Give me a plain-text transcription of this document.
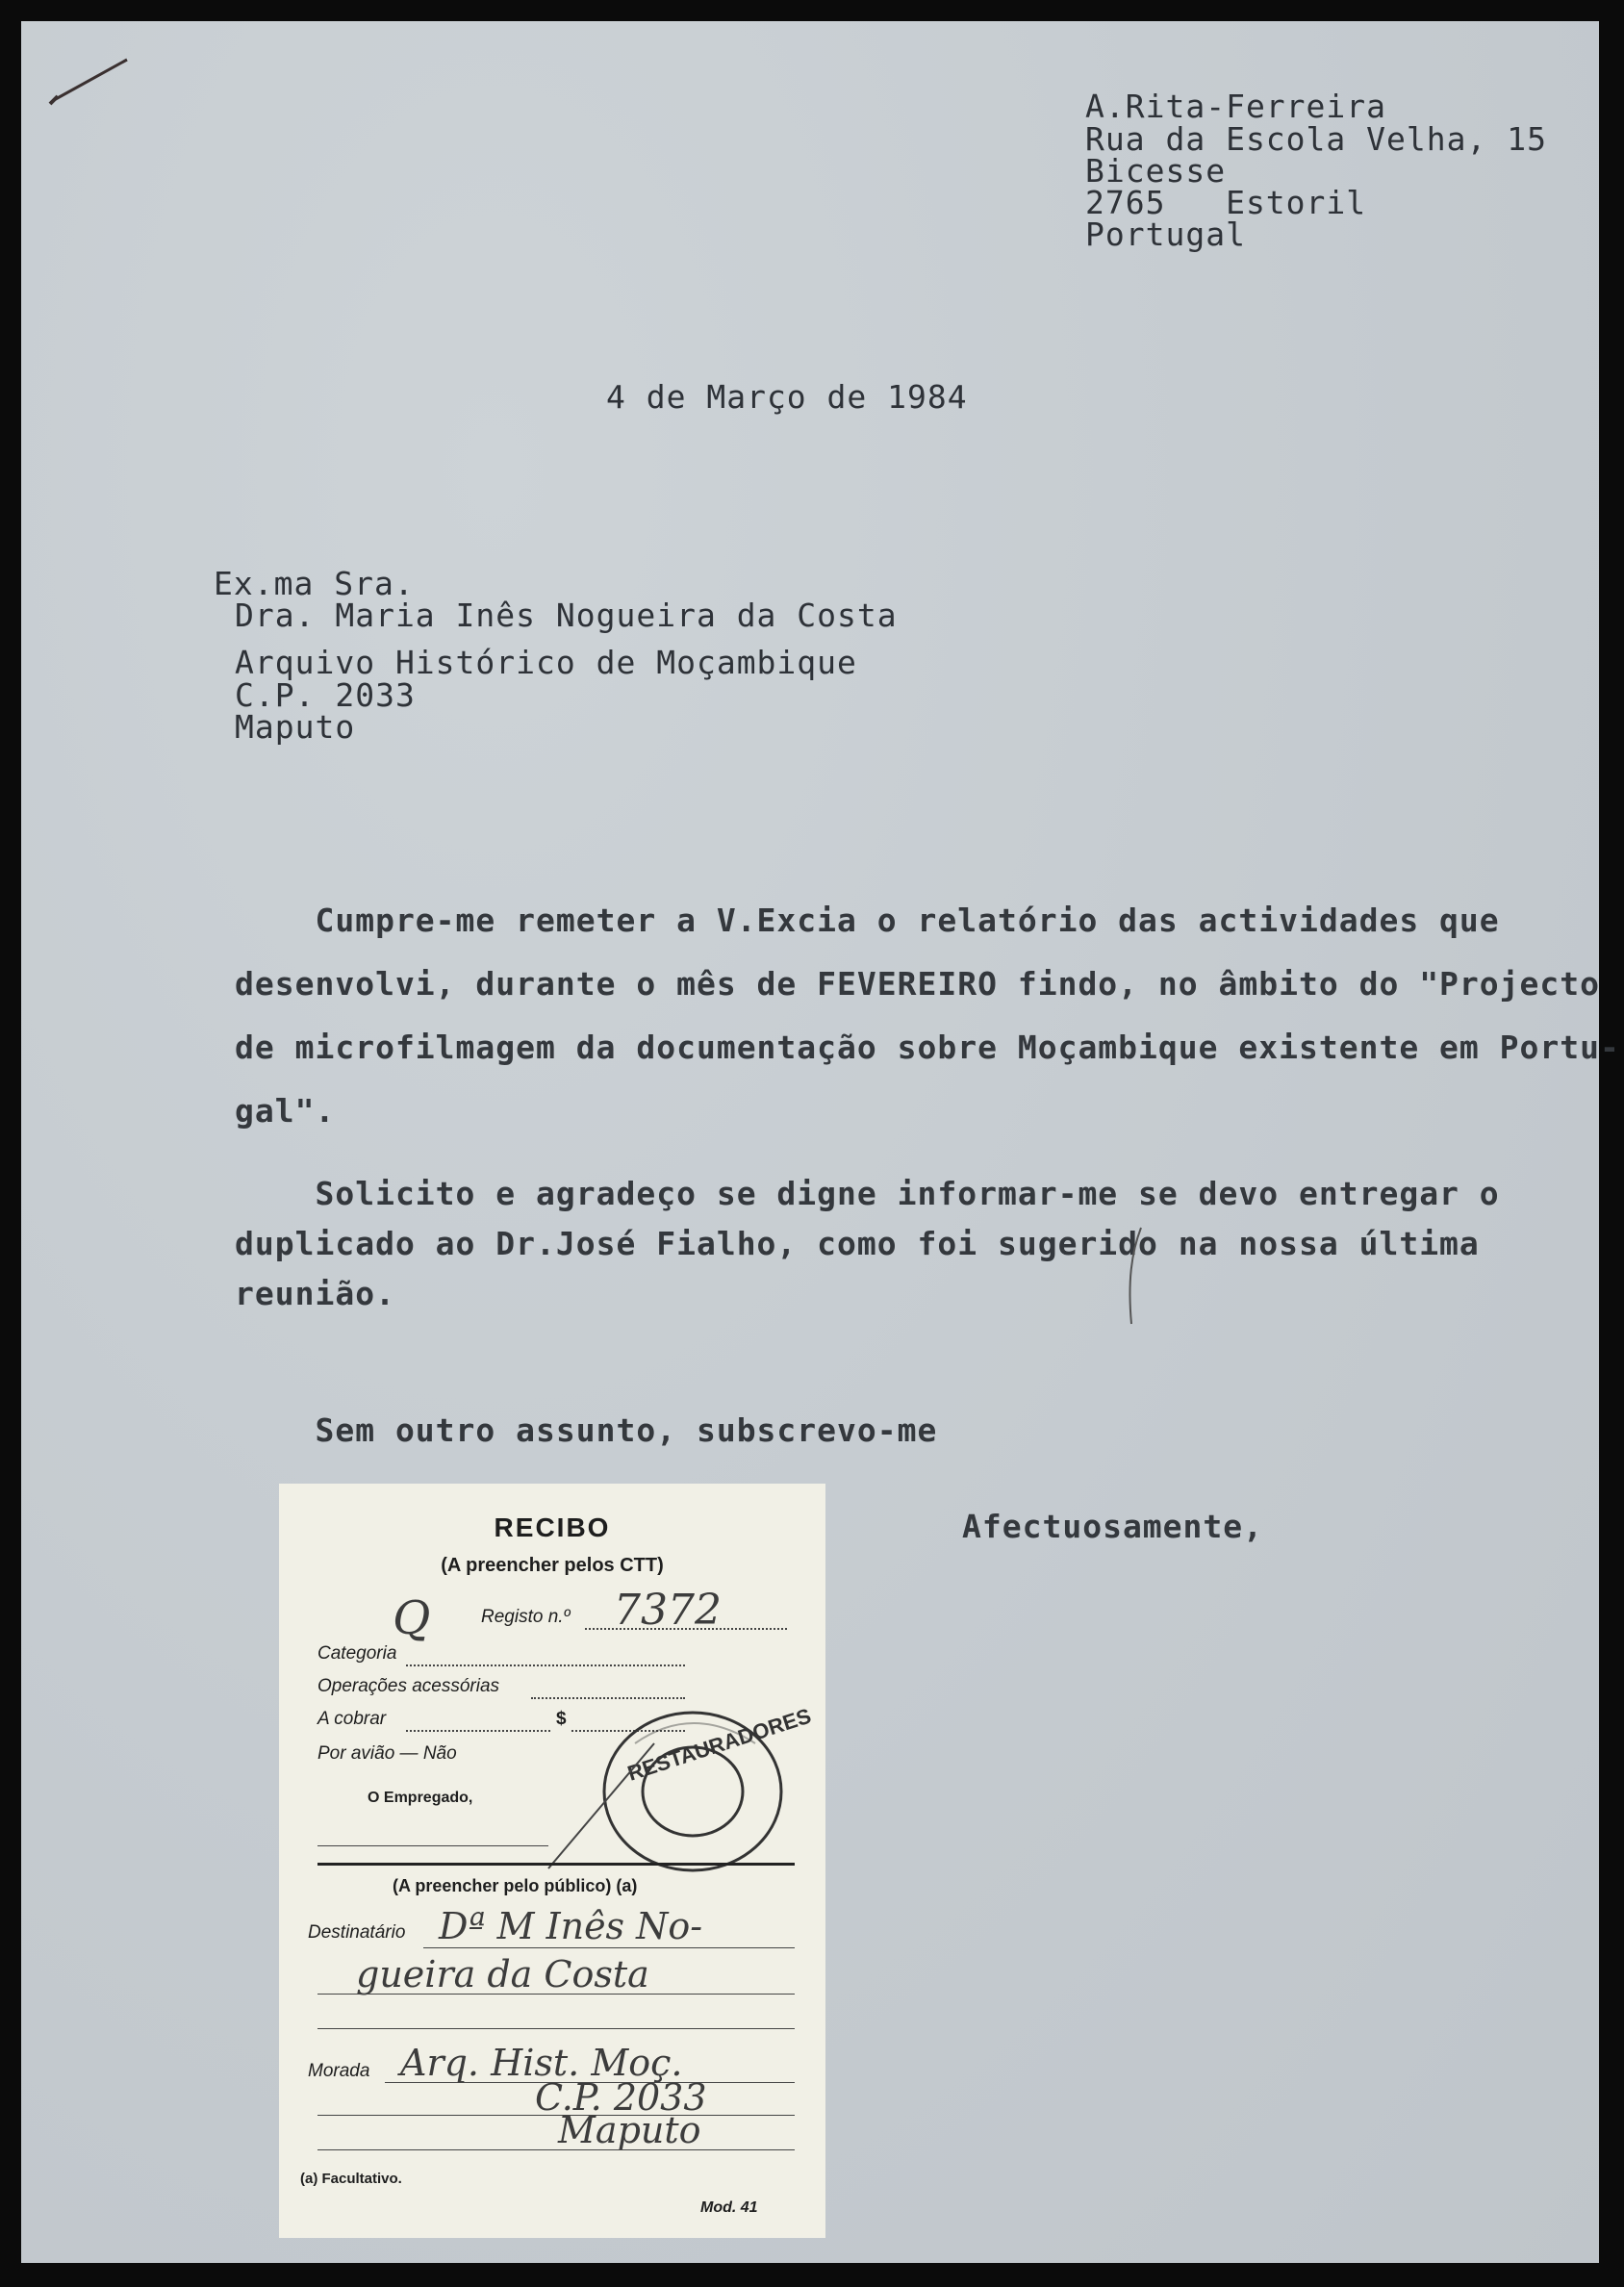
A.Rita-Ferreira
Rua da Escola Velha, 15
Bicesse
2765   Estoril
Portugal
4 de Março de 1984
Ex.ma Sra.
Dra. Maria Inês Nogueira da Costa
Arquivo Histórico de Moçambique
C.P. 2033
Maputo
Cumpre-me remeter a V.Excia o relatório das actividades que
desenvolvi, durante o mês de FEVEREIRO findo, no âmbito do "Projecto
de microfilmagem da documentação sobre Moçambique existente em Portu-
gal".
Solicito e agradeço se digne informar-me se devo entregar o
duplicado ao Dr.José Fialho, como foi sugerido na nossa última
reunião.
Sem outro assunto, subscrevo-me
Afectuosamente,
RECIBO
(A preencher pelos CTT)
Q	Registo n.º 7372
Categoria
Operações acessórias
A cobrar	$
Por avião — Não
O Empregado,
RESTAURADORES
(A preencher pelo público) (a)
Destinatário Dª M Inês No-
gueira da Costa
Morada Arq. Hist. Moç.
C.P. 2033
Maputo
(a) Facultativo.
Mod. 41
